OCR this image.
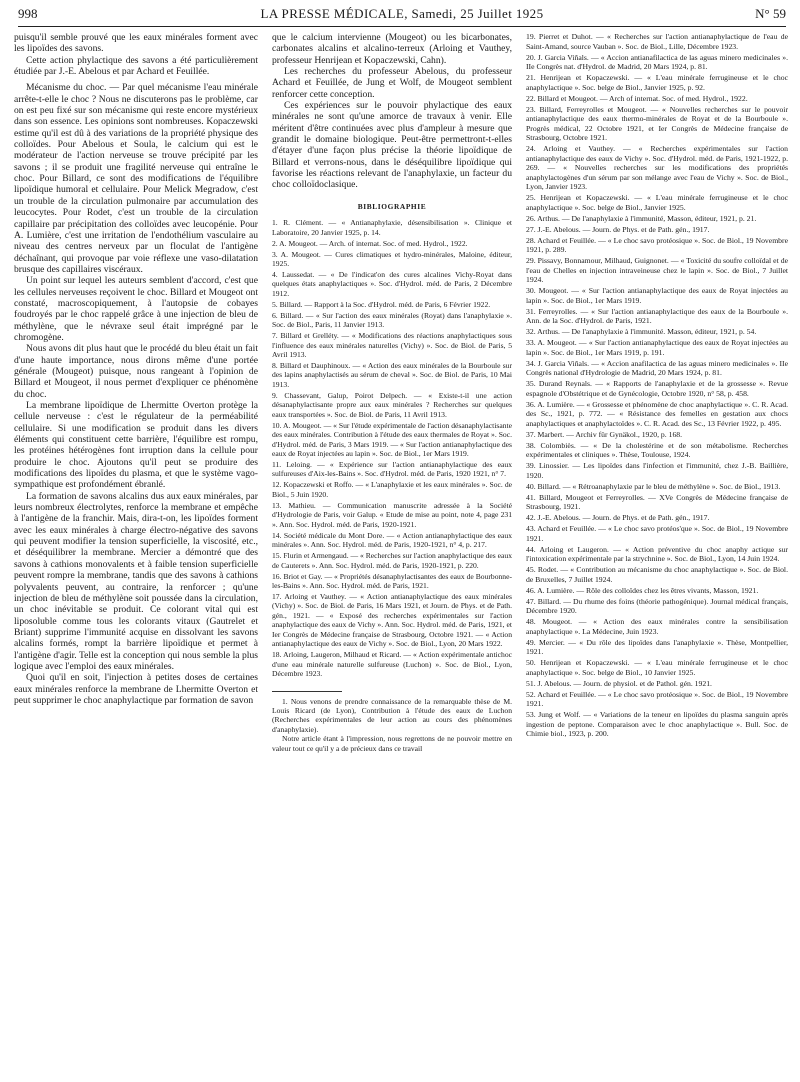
998	LA PRESSE MÉDICALE, Samedi, 25 Juillet 1925	N° 59

puisqu'il semble prouvé que les eaux minérales forment avec les lipoïdes des savons.

Cette action phylactique des savons a été particulièrement étudiée par J.-E. Abelous et par Achard et Feuillée.

Mécanisme du choc. — Par quel mécanisme l'eau minérale arrête-t-elle le choc ? Nous ne discuterons pas le problème, car on est peu fixé sur son mécanisme qui reste encore mystérieux dans son essence. Les opinions sont nombreuses. Kopaczewski estime qu'il est dû à des variations de la propriété physique des colloïdes. Pour Abelous et Soula, le calcium qui est le modérateur de l'action nerveuse se trouve précipité par les savons ; il se produit une fragilité nerveuse qui entraîne le choc. Pour Billard, ce sont des modifications de l'équilibre lipoïdique humoral et cellulaire. Pour Melick Megradow, c'est un trouble de la circulation pulmonaire par accumulation des leucocytes. Pour Rodet, c'est un trouble de la circulation capillaire par précipitation des colloïdes avec leucopénie. Pour A. Lumière, c'est une irritation de l'endothélium vasculaire au niveau des centres nerveux par un floculat de l'antigène déchaînant, qui provoque par voie réflexe une vaso-dilatation brusque des capillaires viscéraux.

Un point sur lequel les auteurs semblent d'accord, c'est que les cellules nerveuses reçoivent le choc. Billard et Mougeot ont constaté, macroscopiquement, à l'autopsie de cobayes foudroyés par le choc rappelé grâce à une injection de bleu de méthylène, que le névraxe seul était imprégné par le chromogène.

Nous avons dit plus haut que le procédé du bleu était un fait d'une haute importance, nous dirons même d'une portée générale (Mougeot) puisque, nous rangeant à l'opinion de Billard et Mougeot, il nous permet d'expliquer ce phénomène du choc.

La membrane lipoïdique de Lhermitte Overton protège la cellule nerveuse : c'est le régulateur de la perméabilité cellulaire. Si une modification se produit dans les divers éléments qui constituent cette barrière, l'équilibre est rompu, les protéines hétérogènes font irruption dans la cellule pour produire le choc. Ajoutons qu'il peut se produire des modifications des lipoïdes du plasma, et que le système vago-sympathique est profondément ébranlé.

La formation de savons alcalins dus aux eaux minérales, par leurs nombreux électrolytes, renforce la membrane et empêche à l'antigène de la franchir. Mais, dira-t-on, les lipoïdes forment avec les eaux minérales à charge électro-négative des savons qui peuvent modifier la tension superficielle, la viscosité, etc., et déséquilibrer la membrane. Mercier a démontré que des savons à cathions monovalents et à faible tension superficielle peuvent rompre la membrane, tandis que des savons à cathions polyvalents peuvent, au contraire, la renforcer ; qu'une injection de bleu de méthylène soit poussée dans la circulation, un choc inévitable se produit. Ce colorant vital qui est liposoluble comme tous les colorants vitaux (Gautrelet et Briant) supprime l'immunité acquise en dissolvant les savons alcalins formés, rompt la barrière lipoïdique et permet à l'antigène d'agir. Telle est la conception qui nous semble la plus logique avec l'emploi des eaux minérales.

Quoi qu'il en soit, l'injection à petites doses de certaines eaux minérales renforce la membrane de Lhermitte Overton et peut supprimer le choc anaphylactique par formation de savon

que le calcium intervienne (Mougeot) ou les bicarbonates, carbonates alcalins et alcalino-terreux (Arloing et Vauthey, professeur Henrijean et Kopaczewski, Cahn).

Les recherches du professeur Abelous, du professeur Achard et Feuillée, de Jung et Wolf, de Mougeot semblent renforcer cette conception.

Ces expériences sur le pouvoir phylactique des eaux minérales ne sont qu'une amorce de travaux à venir. Elle méritent d'être continuées avec plus d'ampleur à mesure que grandit le domaine biologique. Peut-être permettront-t-elles d'étayer d'une façon plus précise la théorie lipoïdique de Billard et verrons-nous, dans le déséquilibre lipoïdique qui favorise les réactions relevant de l'anaphylaxie, un facteur du choc colloïdoclasique.

BIBLIOGRAPHIE

1. R. Clément. — « Antianaphylaxie, désensibilisation ». Clinique et Laboratoire, 20 Janvier 1925, p. 14.

2. A. Mougeot. — Arch. of internat. Soc. of med. Hydrol., 1922.

3. A. Mougeot. — Cures climatiques et hydro-minérales, Maloine, éditeur, 1925.

4. Laussedat. — « De l'indicat'on des cures alcalines Vichy-Royat dans quelques états anaphylactiques ». Soc. d'Hydrol. méd. de Paris, 2 Décembre 1912.

5. Billard. — Rapport à la Soc. d'Hydrol. méd. de Paris, 6 Février 1922.

6. Billard. — « Sur l'action des eaux minérales (Royat) dans l'anaphylaxie ». Soc. de Biol., Paris, 11 Janvier 1913.

7. Billard et Grelléty. — « Modifications des réactions anaphylactiques sous l'influence des eaux minérales naturelles (Vichy) ». Soc. de Biol. de Paris, 5 Avril 1913.

8. Billard et Dauphinoux. — « Action des eaux minérales de la Bourboule sur des lapins anaphylactisés au sérum de cheval ». Soc. de Biol. de Paris, 10 Mai 1913.

9. Chassevant, Galup, Poirot Delpech. — « Existe-t-il une action désanaphylactisante propre aux eaux minérales ? Recherches sur quelques eaux transportées ». Soc. de Biol. de Paris, 11 Avril 1913.

10. A. Mougeot. — « Sur l'étude expérimentale de l'action désanaphylactisante des eaux minérales. Contribution à l'étude des eaux thermales de Royat ». Soc. d'Hydrol. méd. de Paris, 3 Mars 1919. — « Sur l'action antianaphylactique des eaux de Royat injectées au lapin ». Soc. de Biol., 1er Mars 1919.

11. Leloing. — « Expérience sur l'action antianaphylactique des eaux sulfureuses d'Aix-les-Bains ». Soc. d'Hydrol. méd. de Paris, 1920 1921, n° 7.

12. Kopaczewski et Roffo. — « L'anaphylaxie et les eaux minérales ». Soc. de Biol., 5 Juin 1920.

13. Mathieu. — Communication manuscrite adressée à la Société d'Hydrologie de Paris, voir Galup. « Etude de mise au point, note 4, page 231 ». Ann. Soc. Hydrol. méd. de Paris, 1920-1921.

14. Société médicale du Mont Dore. — « Action antianaphylactique des eaux minérales ». Ann. Soc. Hydrol. méd. de Paris, 1920-1921, n° 4, p. 217.

15. Flurin et Armengaud. — « Recherches sur l'action anaphylactique des eaux de Cauterets ». Ann. Soc. Hydrol. méd. de Paris, 1920-1921, p. 220.

16. Briot et Gay. — « Propriétés désanaphylactisantes des eaux de Bourbonne-les-Bains ». Ann. Soc. Hydrol. méd. de Paris, 1921.

17. Arloing et Vauthey. — « Action antianaphylactique des eaux minérales (Vichy) ». Soc. de Biol. de Paris, 16 Mars 1921, et Journ. de Phys. et de Path. gén., 1921. — « Exposé des recherches expérimentales sur l'action anaphylactique des eaux de Vichy ». Ann. Soc. Hydrol. méd. de Paris, 1921, et Ier Congrès de Médecine française de Strasbourg, Octobre 1921. — « Action antianaphylactique des eaux de Vichy ». Soc. de Biol., Lyon, 20 Mars 1922.

18. Arloing, Laugeron, Milhaud et Ricard. — « Action expérimentale antichoc d'une eau minérale naturelle sulfureuse (Luchon) ». Soc. de Biol., Lyon, Décembre 1923.

1. Nous venons de prendre connaissance de la remarquable thèse de M. Louis Ricard (de Lyon), Contribution à l'étude des eaux de Luchon (Recherches expérimentales de leur action au cours des phénomènes d'anaphylaxie).

Notre article étant à l'impression, nous regrettons de ne pouvoir mettre en valeur tout ce qu'il y a de précieux dans ce travail

19. Pierret et Duhot. — « Recherches sur l'action antianaphylactique de l'eau de Saint-Amand, source Vauban ». Soc. de Biol., Lille, Décembre 1923.

20. J. Garcia Viñals. — « Accion antianafilactica de las aguas minero medicinales ». IIe Congrès nat. d'Hydrol. de Madrid, 20 Mars 1924, p. 81.

21. Henrijean et Kopaczewski. — « L'eau minérale ferrugineuse et le choc anaphylactique ». Soc. belge de Biol., Janvier 1925, p. 92.

22. Billard et Mougeot. — Arch of internat. Soc. of med. Hydrol., 1922.

23. Billard, Ferreyrolles et Mougeot. — « Nouvelles recherches sur le pouvoir antianaphylactique des eaux thermo-minérales de Royat et de la Bourboule ». Progrès médical, 22 Octobre 1921, et Ier Congrès de Médecine française de Strasbourg, Octobre 1921.

24. Arloing et Vauthey. — « Recherches expérimentales sur l'action antianaphylactique des eaux de Vichy ». Soc. d'Hydrol. méd. de Paris, 1921-1922, p. 269. — « Nouvelles recherches sur les modifications des propriétés anaphylactogènes d'un sérum par son mélange avec l'eau de Vichy ». Soc. de Biol., Lyon, Janvier 1923.

25. Henrijean et Kopaczewski. — « L'eau minérale ferrugineuse et le choc anaphylactique ». Soc. belge de Biol., Janvier 1925.

26. Arthus. — De l'anaphylaxie à l'immunité, Masson, éditeur, 1921, p. 21.

27. J.-E. Abelous. — Journ. de Phys. et de Path. gén., 1917.

28. Achard et Feuillée. — « Le choc savo protéosique ». Soc. de Biol., 19 Novembre 1921, p. 289.

29. Pissavy, Bonnamour, Milhaud, Guignonet. — « Toxicité du soufre colloïdal et de l'eau de Chelles en injection intraveineuse chez le lapin ». Soc. de Biol., 7 Juillet 1924.

30. Mougeot. — « Sur l'action antianaphylactique des eaux de Royat injectées au lapin ». Soc. de Biol., 1er Mars 1919.

31. Ferreyrolles. — « Sur l'action antianaphylactique des eaux de la Bourboule ». Ann. de la Soc. d'Hydrol. de Paris, 1921.

32. Arthus. — De l'anaphylaxie à l'immunité. Masson, éditeur, 1921, p. 54.

33. A. Mougeot. — « Sur l'action antianaphylactique des eaux de Royat injectées au lapin ». Soc. de Biol., 1er Mars 1919, p. 191.

34. J. Garcia Viñals. — « Accion anafilactica de las aguas minero medicinales ». IIe Congrès national d'Hydrologie de Madrid, 20 Mars 1924, p. 81.

35. Durand Reynals. — « Rapports de l'anaphylaxie et de la grossesse ». Revue espagnole d'Obstétrique et de Gynécologie, Octobre 1920, n° 58, p. 458.

36. A. Lumière. — « Grossesse et phénomène de choc anaphylactique ». C. R. Acad. des Sc., 1921, p. 772. — « Résistance des femelles en gestation aux chocs anaphylactiques et anaphylactoïdes ». C. R. Acad. des Sc., 13 Février 1922, p. 495.

37. Marbert. — Archiv für Gynäkol., 1920, p. 168.

38. Colombiès. — « De la cholestérine et de son métabolisme. Recherches expérimentales et cliniques ». Thèse, Toulouse, 1924.

39. Linossier. — Les lipoïdes dans l'infection et l'immunité, chez J.-B. Baillière, 1920.

40. Billard. — « Rétroanaphylaxie par le bleu de méthylène ». Soc. de Biol., 1913.

41. Billard, Mougeot et Ferreyrolles. — XVe Congrès de Médecine française de Strasbourg, 1921.

42. J.-E. Abelous. — Journ. de Phys. et de Path. gén., 1917.

43. Achard et Feuillée. — « Le choc savo protéos'que ». Soc. de Biol., 19 Novembre 1921.

44. Arloing et Laugeron. — « Action préventive du choc anaphy actique sur l'intoxication expérimentale par la strychnine ». Soc. de Biol., Lyon, 14 Juin 1924.

45. Rodet. — « Contribution au mécanisme du choc anaphylactique ». Soc. de Biol. de Bruxelles, 7 Juillet 1924.

46. A. Lumière. — Rôle des colloïdes chez les êtres vivants, Masson, 1921.

47. Billard. — Du rhume des foins (théorie pathogénique). Journal médical français, Décembre 1920.

48. Mougeot. — « Action des eaux minérales contre la sensibilisation anaphylactique ». La Médecine, Juin 1923.

49. Mercier. — « Du rôle des lipoïdes dans l'anaphylaxie ». Thèse, Montpellier, 1921.

50. Henrijean et Kopaczewski. — « L'eau minérale ferrugineuse et le choc anaphylactique ». Soc. belge de Biol., 10 Janvier 1925.

51. J. Abelous. — Journ. de physiol. et de Pathol. gén. 1921.

52. Achard et Feuillée. — « Le choc savo protéosique ». Soc. de Biol., 19 Novembre 1921.

53. Jung et Wolf. — « Variations de la teneur en lipoïdes du plasma sanguin après ingestion de peptone. Comparaison avec le choc anaphylactique ». Bull. Soc. de Chimie biol., 1923, p. 200.
